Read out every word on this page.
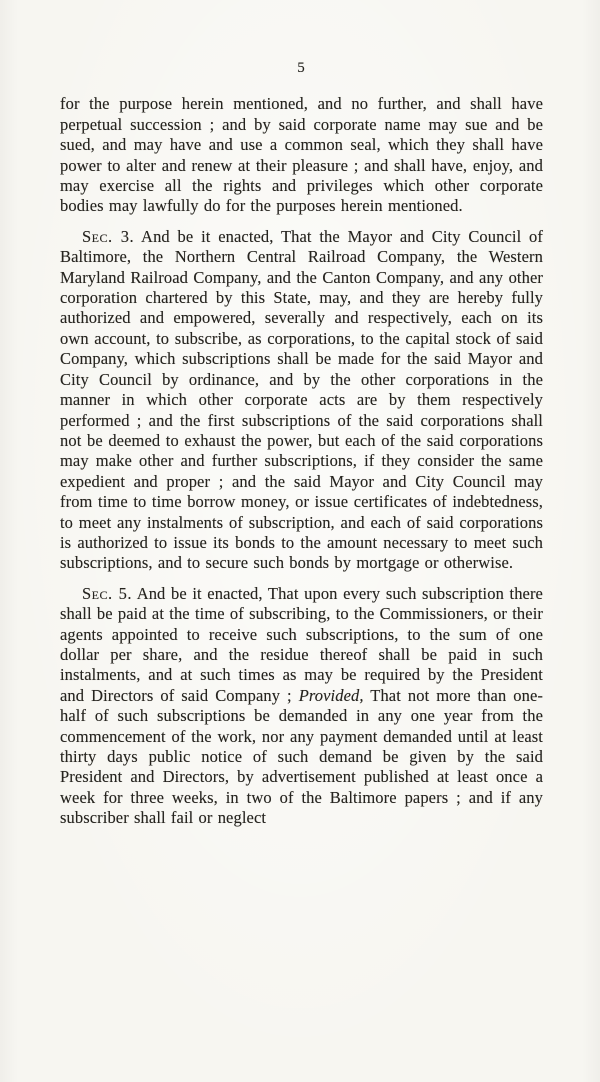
5

for the purpose herein mentioned, and no further, and shall have perpetual succession ; and by said corporate name may sue and be sued, and may have and use a common seal, which they shall have power to alter and renew at their pleasure ; and shall have, enjoy, and may exercise all the rights and privileges which other corporate bodies may lawfully do for the purposes herein mentioned.

Sec. 3. And be it enacted, That the Mayor and City Council of Baltimore, the Northern Central Railroad Company, the Western Maryland Railroad Company, and the Canton Company, and any other corporation chartered by this State, may, and they are hereby fully authorized and empowered, severally and respectively, each on its own account, to subscribe, as corporations, to the capital stock of said Company, which subscriptions shall be made for the said Mayor and City Council by ordinance, and by the other corporations in the manner in which other corporate acts are by them respectively performed ; and the first subscriptions of the said corporations shall not be deemed to exhaust the power, but each of the said corporations may make other and further subscriptions, if they consider the same expedient and proper ; and the said Mayor and City Council may from time to time borrow money, or issue certificates of indebtedness, to meet any instalments of subscription, and each of said corporations is authorized to issue its bonds to the amount necessary to meet such subscriptions, and to secure such bonds by mortgage or otherwise.

Sec. 5. And be it enacted, That upon every such subscription there shall be paid at the time of subscribing, to the Commissioners, or their agents appointed to receive such subscriptions, to the sum of one dollar per share, and the residue thereof shall be paid in such instalments, and at such times as may be required by the President and Directors of said Company ; Provided, That not more than one-half of such subscriptions be demanded in any one year from the commencement of the work, nor any payment demanded until at least thirty days public notice of such demand be given by the said President and Directors, by advertisement published at least once a week for three weeks, in two of the Baltimore papers ; and if any subscriber shall fail or neglect
